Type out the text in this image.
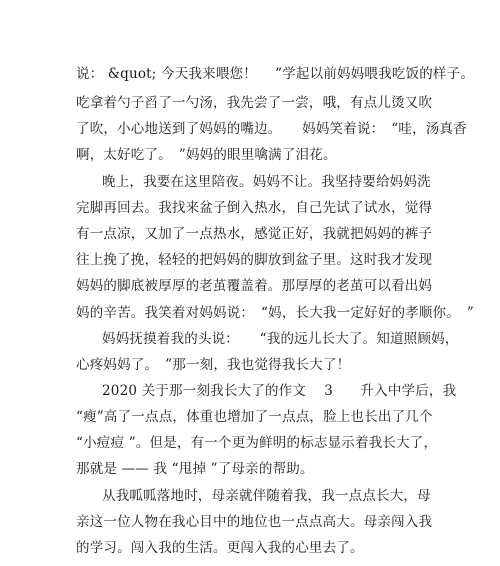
说： &quot; 今天我来喂您！　 ”学起以前妈妈喂我吃饭的样子。
吃拿着勺子舀了一勺汤，我先尝了一尝，哦，有点儿烫又吹
了吹，小心地送到了妈妈的嘴边。　　妈妈笑着说：　“哇，汤真香
啊，太好吃了。　”妈妈的眼里噙满了泪花。
晚上，我要在这里陪夜。妈妈不让。我坚持要给妈妈洗
完脚再回去。我找来盆子倒入热水，自己先试了试水，觉得
有一点凉，又加了一点热水，感觉正好，我就把妈妈的裤子
往上挽了挽，轻轻的把妈妈的脚放到盆子里。这时我才发现
妈妈的脚底被厚厚的老茧覆盖着。那厚厚的老茧可以看出妈
妈的辛苦。我笑着对妈妈说：　“妈，长大我一定好好的孝顺你。　”
妈妈抚摸着我的头说：　　“我的远儿长大了。知道照顾妈，
心疼妈妈了。　”那一刻，我也觉得我长大了！
2020 关于那一刻我长大了的作文　 3　　升入中学后，我
“瘦”高了一点点，体重也增加了一点点，脸上也长出了几个
“小痘痘 ”。但是，有一个更为鲜明的标志显示着我长大了，
那就是 —— 我 “甩掉 ”了母亲的帮助。
从我呱呱落地时，母亲就伴随着我，我一点点长大，母
亲这一位人物在我心目中的地位也一点点高大。母亲闯入我
的学习。闯入我的生活。更闯入我的心里去了。
